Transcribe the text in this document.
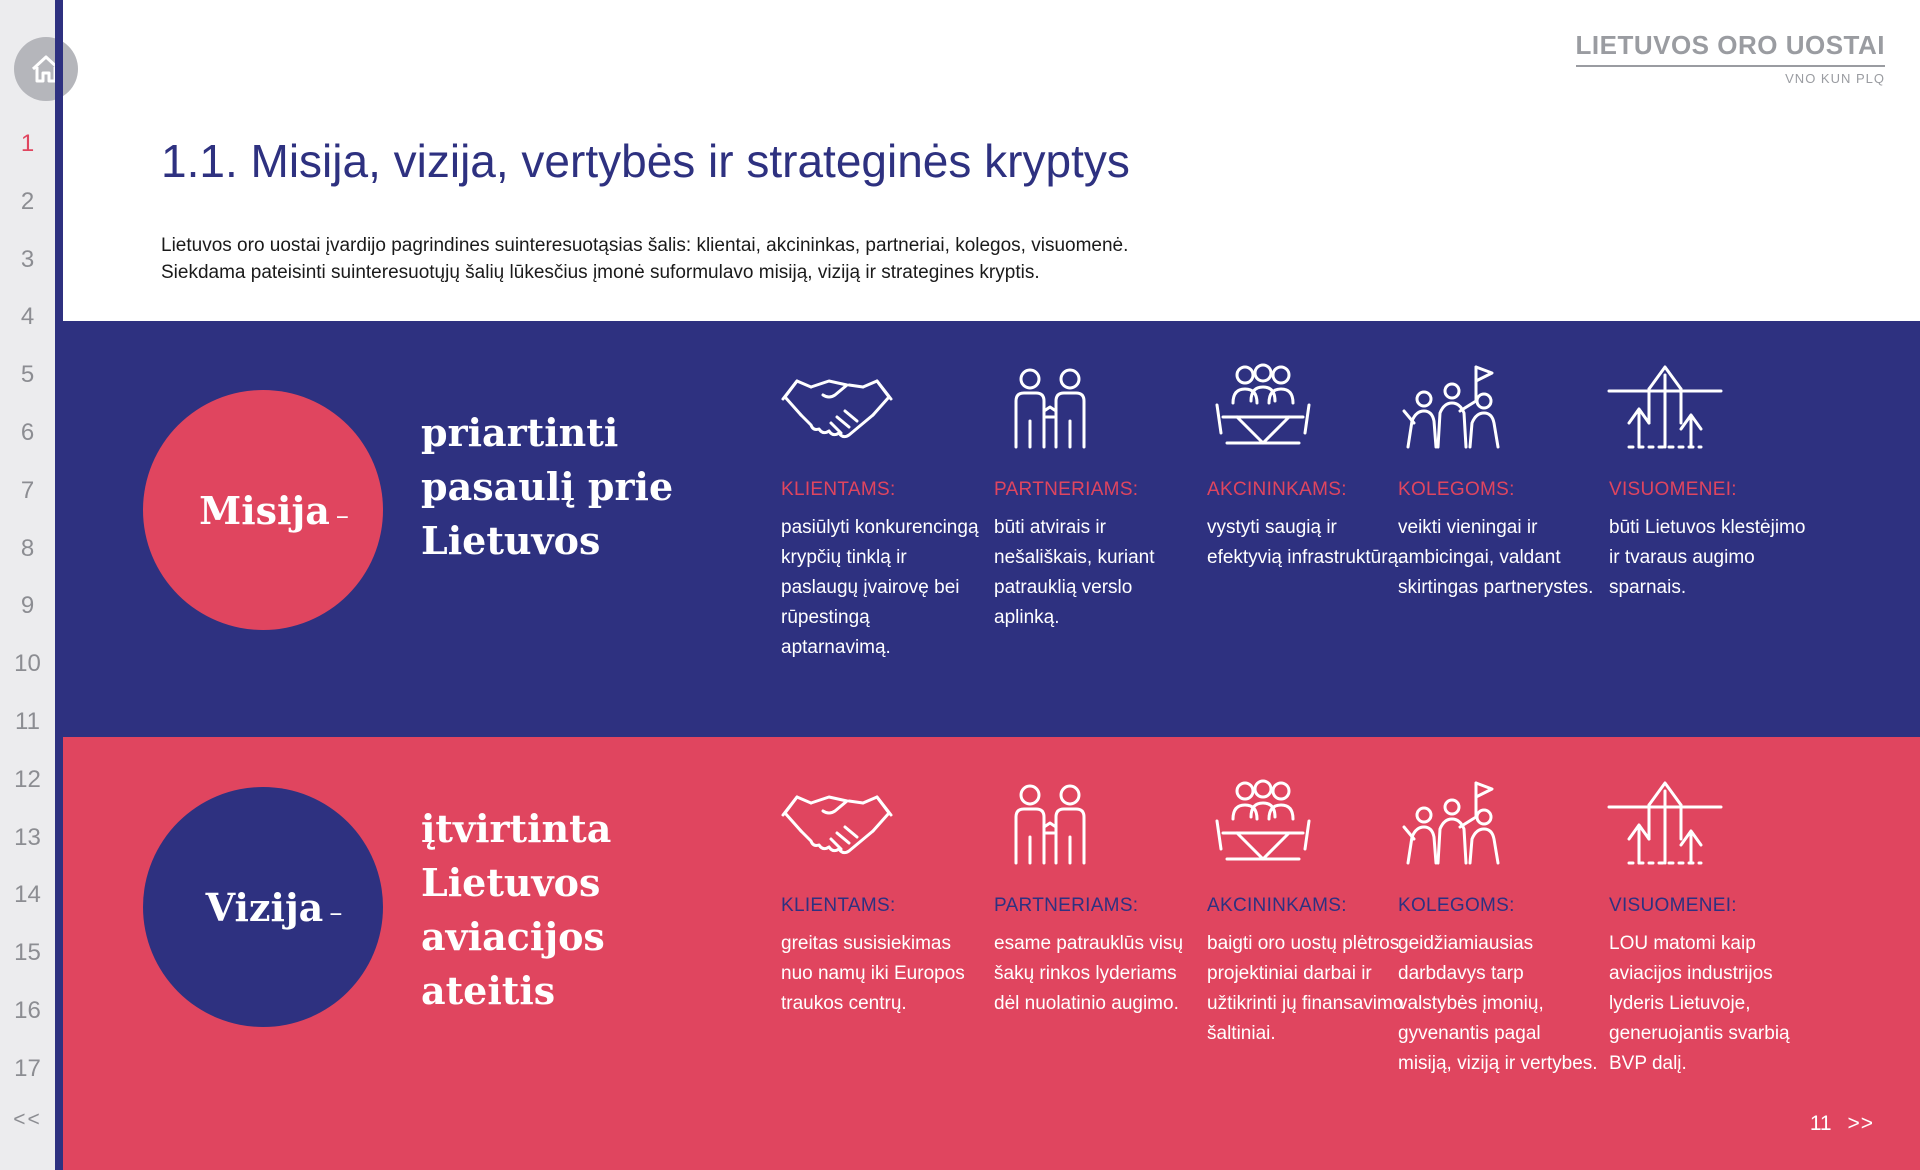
1
2
3
4
5
6
7
8
9
10
11
12
13
14
15
16
17
<<
LIETUVOS ORO UOSTAI
VNO KUN PLQ
1.1. Misija, vizija, vertybės ir strateginės kryptys
Lietuvos oro uostai įvardijo pagrindines suinteresuotąsias šalis: klientai, akcininkas, partneriai, kolegos, visuomenė.
Siekdama pateisinti suinteresuotųjų šalių lūkesčius įmonė suformulavo misiją, viziją ir strategines kryptis.
Misija –
priartinti pasaulį prie Lietuvos
KLIENTAMS:
pasiūlyti konkurencingą krypčių tinklą ir paslaugų įvairovę bei rūpestingą aptarnavimą.
PARTNERIAMS:
būti atvirais ir nešališkais, kuriant patrauklią verslo aplinką.
AKCININKAMS:
vystyti saugią ir efektyvią infrastruktūrą.
KOLEGOMS:
veikti vieningai ir ambicingai, valdant skirtingas partnerystes.
VISUOMENEI:
būti Lietuvos klestėjimo ir tvaraus augimo sparnais.
Vizija –
įtvirtinta Lietuvos aviacijos ateitis
KLIENTAMS:
greitas susisiekimas nuo namų iki Europos traukos centrų.
PARTNERIAMS:
esame patrauklūs visų šakų rinkos lyderiams dėl nuolatinio augimo.
AKCININKAMS:
baigti oro uostų plėtros projektiniai darbai ir užtikrinti jų finansavimo šaltiniai.
KOLEGOMS:
geidžiamiausias darbdavys tarp valstybės įmonių, gyvenantis pagal misiją, viziją ir vertybes.
VISUOMENEI:
LOU matomi kaip aviacijos industrijos lyderis Lietuvoje, generuojantis svarbią BVP dalį.
11 >>
